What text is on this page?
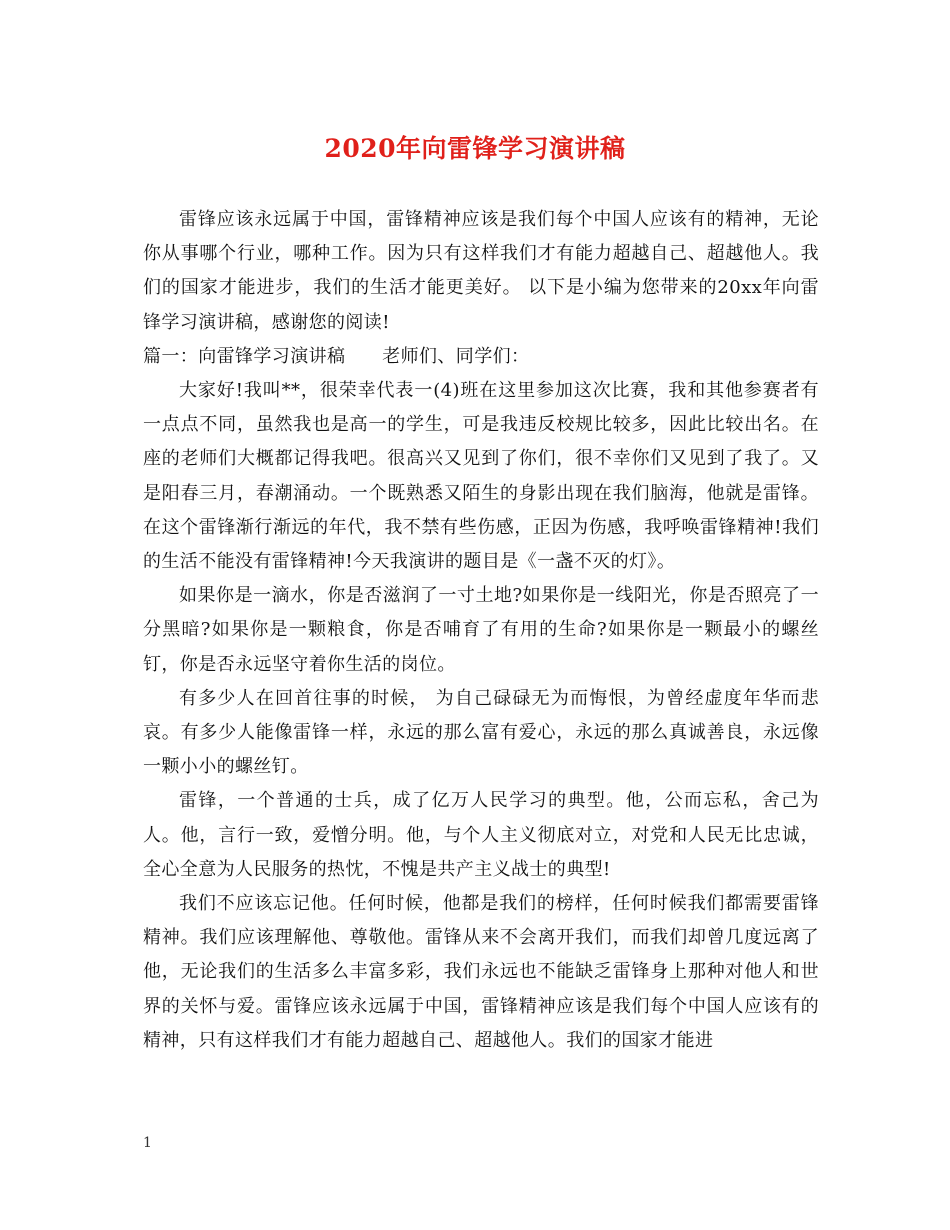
2020年向雷锋学习演讲稿

雷锋应该永远属于中国，雷锋精神应该是我们每个中国人应该有的精神，无论你从事哪个行业，哪种工作。因为只有这样我们才有能力超越自己、超越他人。我们的国家才能进步，我们的生活才能更美好。 以下是小编为您带来的20xx年向雷锋学习演讲稿，感谢您的阅读!

篇一：向雷锋学习演讲稿　　老师们、同学们：

大家好!我叫**，很荣幸代表一(4)班在这里参加这次比赛，我和其他参赛者有一点点不同，虽然我也是高一的学生，可是我违反校规比较多，因此比较出名。在座的老师们大概都记得我吧。很高兴又见到了你们，很不幸你们又见到了我了。又是阳春三月，春潮涌动。一个既熟悉又陌生的身影出现在我们脑海，他就是雷锋。在这个雷锋渐行渐远的年代，我不禁有些伤感，正因为伤感，我呼唤雷锋精神!我们的生活不能没有雷锋精神!今天我演讲的题目是《一盏不灭的灯》。

如果你是一滴水，你是否滋润了一寸土地?如果你是一线阳光，你是否照亮了一分黑暗?如果你是一颗粮食，你是否哺育了有用的生命?如果你是一颗最小的螺丝钉，你是否永远坚守着你生活的岗位。

有多少人在回首往事的时候， 为自己碌碌无为而悔恨，为曾经虚度年华而悲哀。有多少人能像雷锋一样，永远的那么富有爱心，永远的那么真诚善良，永远像一颗小小的螺丝钉。

雷锋，一个普通的士兵，成了亿万人民学习的典型。他，公而忘私，舍己为人。他，言行一致，爱憎分明。他，与个人主义彻底对立，对党和人民无比忠诚，全心全意为人民服务的热忱，不愧是共产主义战士的典型!

我们不应该忘记他。任何时候，他都是我们的榜样，任何时候我们都需要雷锋精神。我们应该理解他、尊敬他。雷锋从来不会离开我们，而我们却曾几度远离了他，无论我们的生活多么丰富多彩，我们永远也不能缺乏雷锋身上那种对他人和世界的关怀与爱。雷锋应该永远属于中国，雷锋精神应该是我们每个中国人应该有的精神，只有这样我们才有能力超越自己、超越他人。我们的国家才能进

1
